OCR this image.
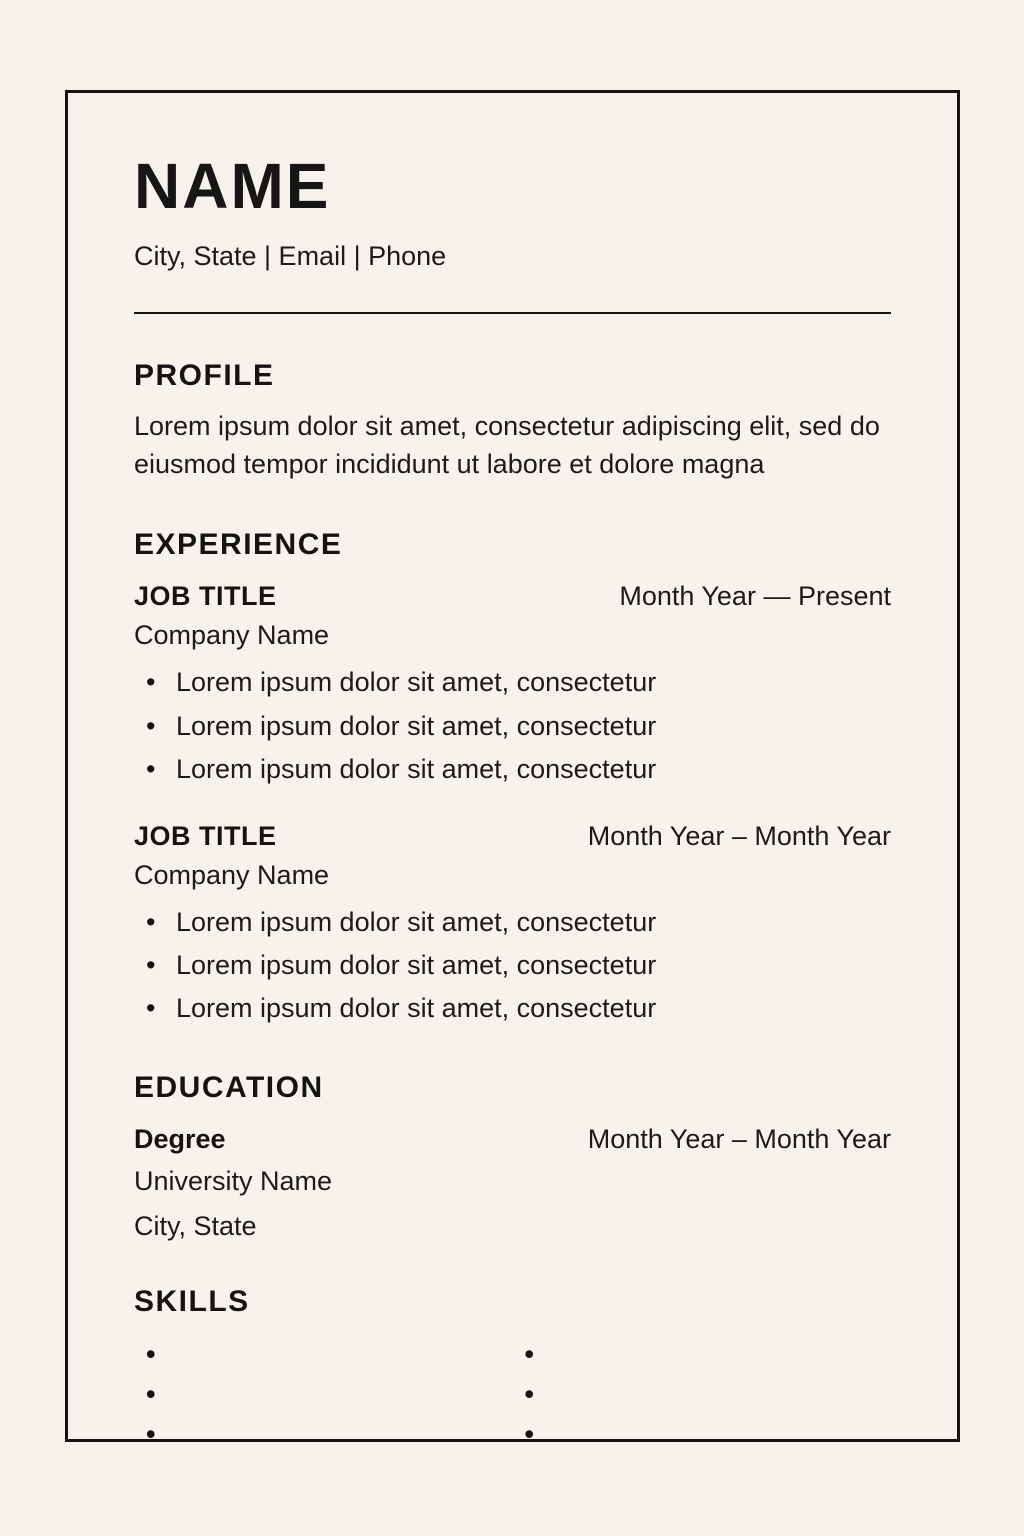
NAME
City, State | Email | Phone
PROFILE

Lorem ipsum dolor sit amet, consectetur adipiscing elit, sed do eiusmod tempor incididunt ut labore et dolore magna

EXPERIENCE
JOB TITLE	Month Year — Present
Company Name
• Lorem ipsum dolor sit amet, consectetur
• Lorem ipsum dolor sit amet, consectetur
• Lorem ipsum dolor sit amet, consectetur
JOB TITLE	Month Year – Month Year
Company Name
• Lorem ipsum dolor sit amet, consectetur
• Lorem ipsum dolor sit amet, consectetur
• Lorem ipsum dolor sit amet, consectetur
EDUCATION
Degree	Month Year – Month Year
University Name
City, State
SKILLS
•
•
•
•
•
•
